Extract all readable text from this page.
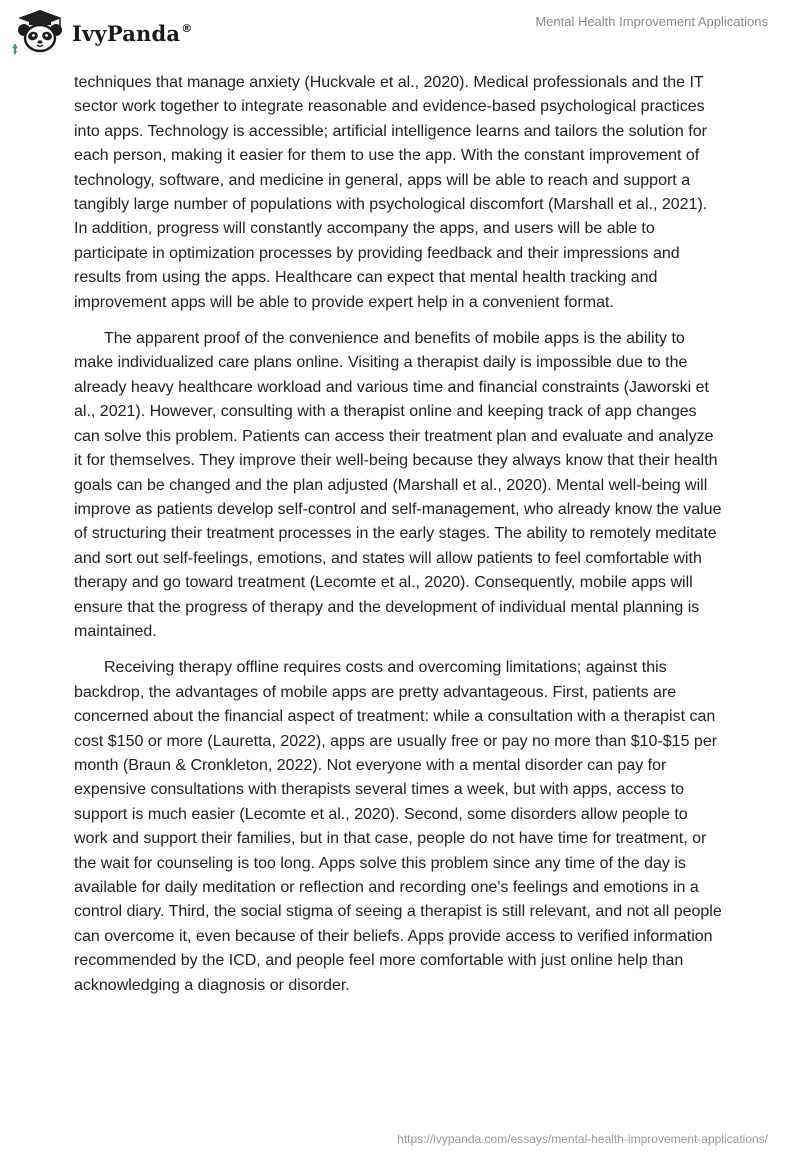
IvyPanda®	Mental Health Improvement Applications

techniques that manage anxiety (Huckvale et al., 2020). Medical professionals and the IT sector work together to integrate reasonable and evidence-based psychological practices into apps. Technology is accessible; artificial intelligence learns and tailors the solution for each person, making it easier for them to use the app. With the constant improvement of technology, software, and medicine in general, apps will be able to reach and support a tangibly large number of populations with psychological discomfort (Marshall et al., 2021). In addition, progress will constantly accompany the apps, and users will be able to participate in optimization processes by providing feedback and their impressions and results from using the apps. Healthcare can expect that mental health tracking and improvement apps will be able to provide expert help in a convenient format.

The apparent proof of the convenience and benefits of mobile apps is the ability to make individualized care plans online. Visiting a therapist daily is impossible due to the already heavy healthcare workload and various time and financial constraints (Jaworski et al., 2021). However, consulting with a therapist online and keeping track of app changes can solve this problem. Patients can access their treatment plan and evaluate and analyze it for themselves. They improve their well-being because they always know that their health goals can be changed and the plan adjusted (Marshall et al., 2020). Mental well-being will improve as patients develop self-control and self-management, who already know the value of structuring their treatment processes in the early stages. The ability to remotely meditate and sort out self-feelings, emotions, and states will allow patients to feel comfortable with therapy and go toward treatment (Lecomte et al., 2020). Consequently, mobile apps will ensure that the progress of therapy and the development of individual mental planning is maintained.

Receiving therapy offline requires costs and overcoming limitations; against this backdrop, the advantages of mobile apps are pretty advantageous. First, patients are concerned about the financial aspect of treatment: while a consultation with a therapist can cost $150 or more (Lauretta, 2022), apps are usually free or pay no more than $10-$15 per month (Braun & Cronkleton, 2022). Not everyone with a mental disorder can pay for expensive consultations with therapists several times a week, but with apps, access to support is much easier (Lecomte et al., 2020). Second, some disorders allow people to work and support their families, but in that case, people do not have time for treatment, or the wait for counseling is too long. Apps solve this problem since any time of the day is available for daily meditation or reflection and recording one's feelings and emotions in a control diary. Third, the social stigma of seeing a therapist is still relevant, and not all people can overcome it, even because of their beliefs. Apps provide access to verified information recommended by the ICD, and people feel more comfortable with just online help than acknowledging a diagnosis or disorder.

https://ivypanda.com/essays/mental-health-improvement-applications/
